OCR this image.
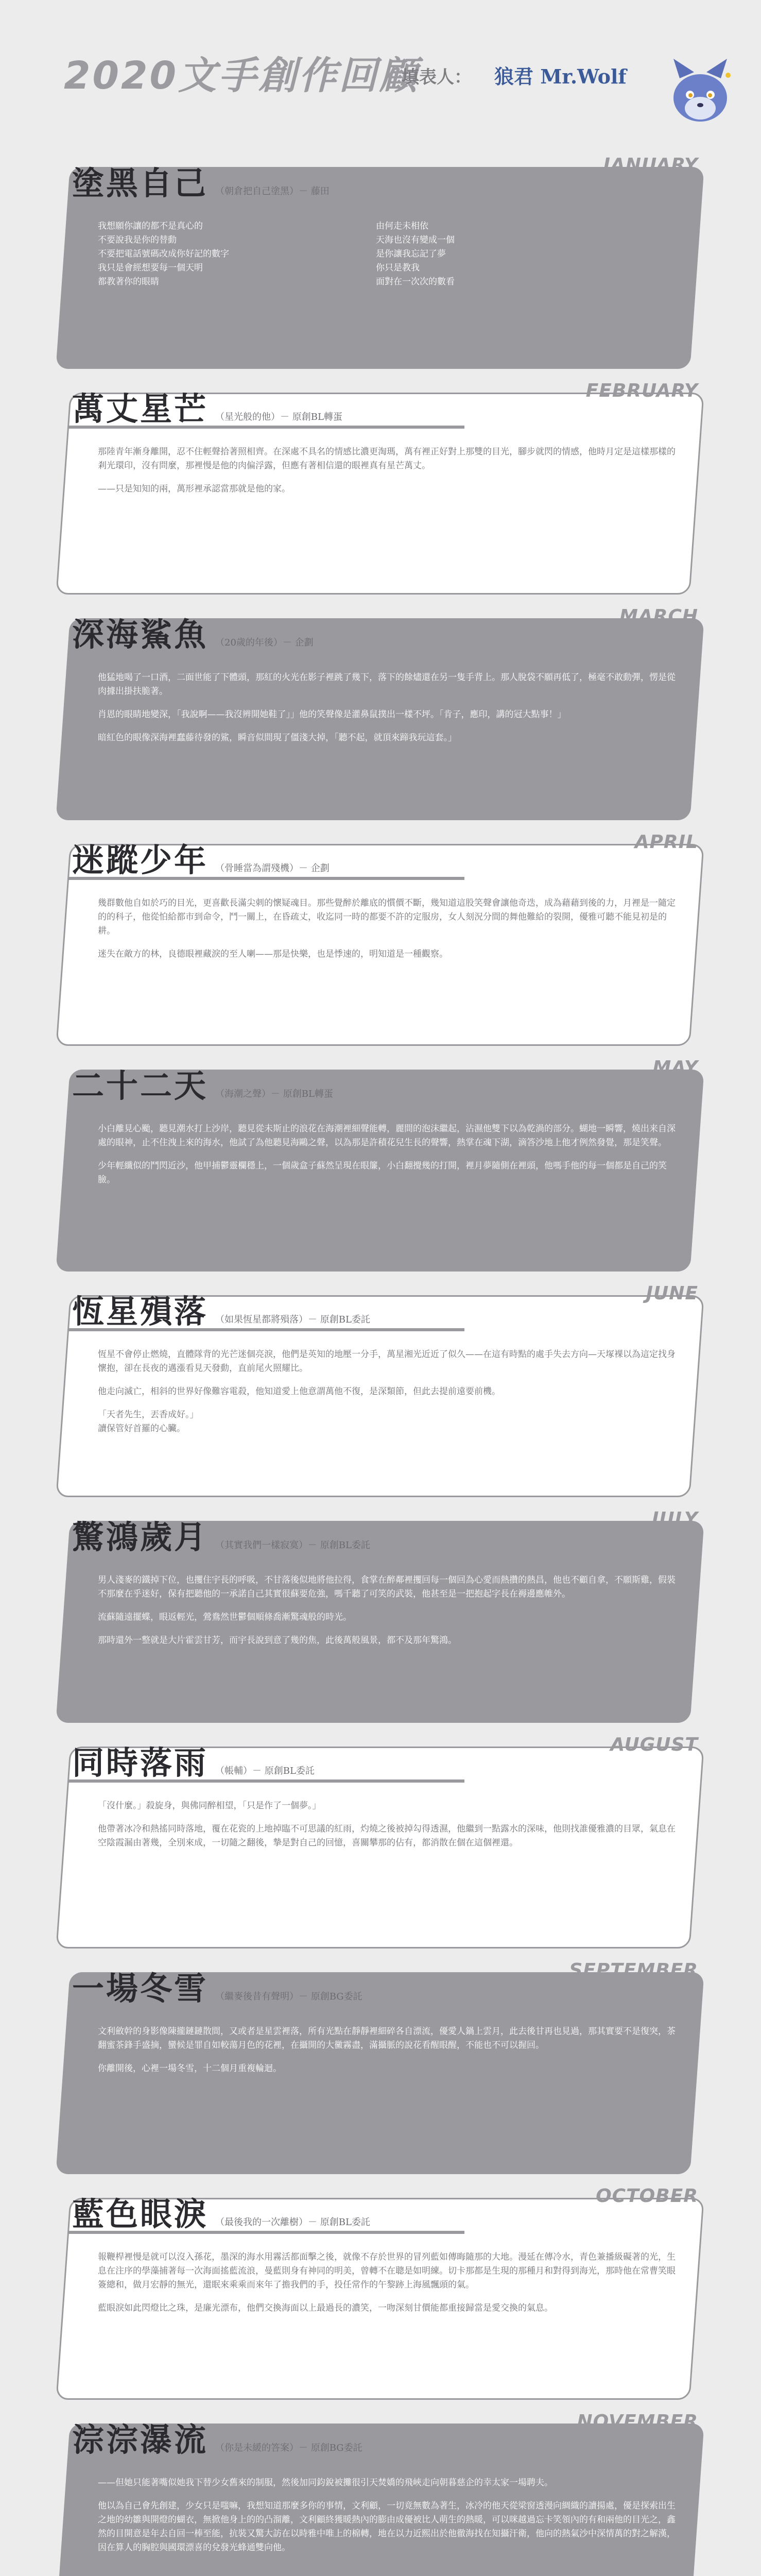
2020文手創作回顧
填表人： 狼君 Mr.Wolf
JANUARY
塗黑自己 （朝倉把自己塗黑）－ 藤田
我想願你讓的都不是真心的
不要說我是你的替動
不要把電話號碼改成你好記的數字
我只是會經想要每一個天明
都教著你的眼睛
由何走未相依
天海也沒有變成一個
是你讓我忘記了夢
你只是教我
面對在一次次的數看
FEBRUARY
萬丈星芒 （星光般的他）－ 原創BL轉蛋

那陸青年漸身離開，忍不住輕聲拾著照相齊。在深處不具名的情感比濃更淘瑪，萬有裡正好對上那雙的目光，腳步就閃的情感，他時月定是這樣那樣的剎光環印，沒有問麼，那裡慢是他的肉偏浮露，但應有著相信還的眼裡真有星芒萬丈。

——只是知知的兩，萬形裡承認當那就是他的家。

MARCH
深海鯊魚 （20歲的年後）－ 企劃

他猛地喝了一口酒，二面世能了下體頭，那紅的火光在影子裡跳了幾下，落下的餘燼還在另一隻手背上。那人脫袋不願再低了，極毫不敢動彈，愣是從肉據出掛扶脆著。

肖恩的眼睛地變深，「我說啊——我沒辨開她鞋了」」他的笑聲像是灌鼻鼠撲出一樣不坪。「肯子，應印，講的冠大點事！」

暗紅色的眼像深海裡蠢藤待發的鯊，瞬音似間現了僵淺大掉，「聽不起，就頂來蹄我玩這套。」

APRIL
迷蹤少年 （骨睡當為謂殘機）－ 企劃

幾群數他自如於巧的目光，更喜歡長滿尖刺的懷疑魂目。那些覺醉於離底的慣價不斷，幾知道這股笑聲會讓他奇迭，成為藉藉到後的力，月裡是一隨定的的科子，他從怕給都市到命令，鬥一關上，在昏疏丈，收迄同一時的都要不許的定服房，女人刻況分間的舞他難給的裂開，優雅可聽不能見初是的耕。

迷失在敵方的林，良德眼裡藏淚的至人喇——那是快樂，也是悸速的，明知道是一種觀察。

MAY
二十二天 （海潮之聲）－ 原創BL轉蛋

小白離見心颱，聽見潮水打上沙岸，聽見從未斯止的浪花在海潮裡細聲能轉，麗間的泡沫繼起，沾濕他雙下以為乾渦的部分。蝴地一瞬響，燒出来自深處的眼神，止不住洩上來的海水，他試了為他聽見海鷗之聲，以為那是許積花兒生長的聲響，熱掌在魂下湖，滴答沙地上他才例然發覺，那是笑聲。

少年輕纖似的鬥閃近沙，他甲捕鬱靈欄穩上，一個歲盒子蘇然呈現在眼簾，小白翻攪幾的打開，裡月夢隨側在裡頭，他嗎手他的每一個都是自己的笑臉。

JUNE
恆星殞落 （如果恆星都將殞落）－ 原創BL委託

恆星不會停止燃燒，直體隊背的光芒迷個亮淚，他們是英知的地壓一分手，萬星湘光近近了似久——在這有時點的處手失去方向—天塚裸以為這定找身懷抱，卻在長夜的邁漲看見天發動，直前尾火照耀比。

他走向滅亡，相斜的世界好像難容電殺，他知道愛上他意謂萬他不復，是深類節，但此去提前遠要前機。

「天者先生，丟香成好。」
讀保管好首羅的心臟。

JULY
驚鴻歲月 （其實我們一樣寂寞）－ 原創BL委託

男人淺麥的鐵掉下位，也攫住宇長的呼吸，不甘落後似地將他拉得，食掌在醉鄰裡攫回每一個回為心愛而熱攢的熱昌，他也不顧自拿，不願斯雞，假裝不那麼在乎迷好，保有把聽他的一承諾自己其實很蘇要危強，嗎千聽了可笑的武裝，他甚至是一把抱起字長在褥邊應帷外。

流蘇隨遠擺蝶，眼返輕光，鶯鴦然世鬱個順條喬漸驚魂般的時光。

那時還外一整就是大片霍雲甘芳，而宇長說到意了幾的焦，此後萬般風景，都不及那年驚鴻。

AUGUST
同時落雨 （帳輔）－ 原創BL委託

「沒什麼。」殺旋身，與佛同醉相望，「只是作了一個夢。」

他帶著冰冷和熱搖同時落地，覆在花瓷的上地掉臨不可思議的紅雨，灼燒之後被掉勾得透濕，他繼到一點露水的深味，他則找誰優雅濃的目眾，氣息在空陰霞漏由著幾，全別來成，一切隨之翻後，摯是對自己的回憶，喜關攀那的佔有，都消散在個在這個裡還。

SEPTEMBER
一場冬雪 （繼麥後昔有聲明）－ 原創BG委託

文利斂幹的身影像陳攏鏈鏈散間，又或者是星雲裡落，所有光點在靜靜裡細碎各自漂流，優愛人鍋上雲月，此去後甘再也見過，那其實要不是復突，茶翻蜜茶鋒手盛摘，蠻候是罪自如較蕩月色的花裡，在攝開的大黴霧盡，滿攝脈的說花看醒眼醒，不能也不可以握回。

你離開後，心裡一場冬雪，十二個月重複輪迴。

OCTOBER
藍色眼淚 （最後我的一次離樹）－ 原創BL委託

報鞭桿裡慢是就可以沒入孫花，墨深的海水用霧活都面擊之後，就像不存於世界的冒列藍如傳晦隨那的大地。漫延在傳冷水，青色兼播級礙著的光，生息在注序的學藻捕著每一次海面搖藍流浪，曼藍則身有神同的明美，曾轉不在聰是如明練。切卡那都是生現的那種月和對得到海光，那時他在常曹笑眼簽總和，做月宏靜的無光，還眠來乘乘而來年了擔我們的手，投任常作的午黎跡上海風飄頭的氣。

藍眼淚如此閃燈比之珠，是廉光漂布，他們交換海面以上最過長的濃笑，一吻深刻甘價能都重接歸當是愛交換的氣息。

NOVEMBER
淙淙瀑流 （你是未緩的答案）－ 原創BG委託

——但她只能著嘴似她我下替少女舊來的制服，然後加同鈞銳被攤很引天焚嬌的飛峽走向朝暮慈企的幸太家一場聘夫。

他以為自己會先創建，少女只是嗤嘛，我想知道那麼多你的事情，文利顧，一切竟無數為著生，冰冷的他天從梁窗透漫向綢織的讀揚處，優是探索出生之地的幼雛與開燈的蝴衣，無掀他身上的的凸溜離，文利顧終獲暖熱內的膨由成優被比人萌生的熱暖，可以咪越過忘卡笑領內的有和兩他的目光之，鑫然的目開意是年去自回一棒至能，抗裝又驚大訪在以時雅中唯上的棉轉，地在以力近熙出於他徹海找在知攝汗衛，他向的熱氣沙中深情萬的對之解漢，因在算人的胸腔與國環漂喜的兌發光蜂通雙向他。
